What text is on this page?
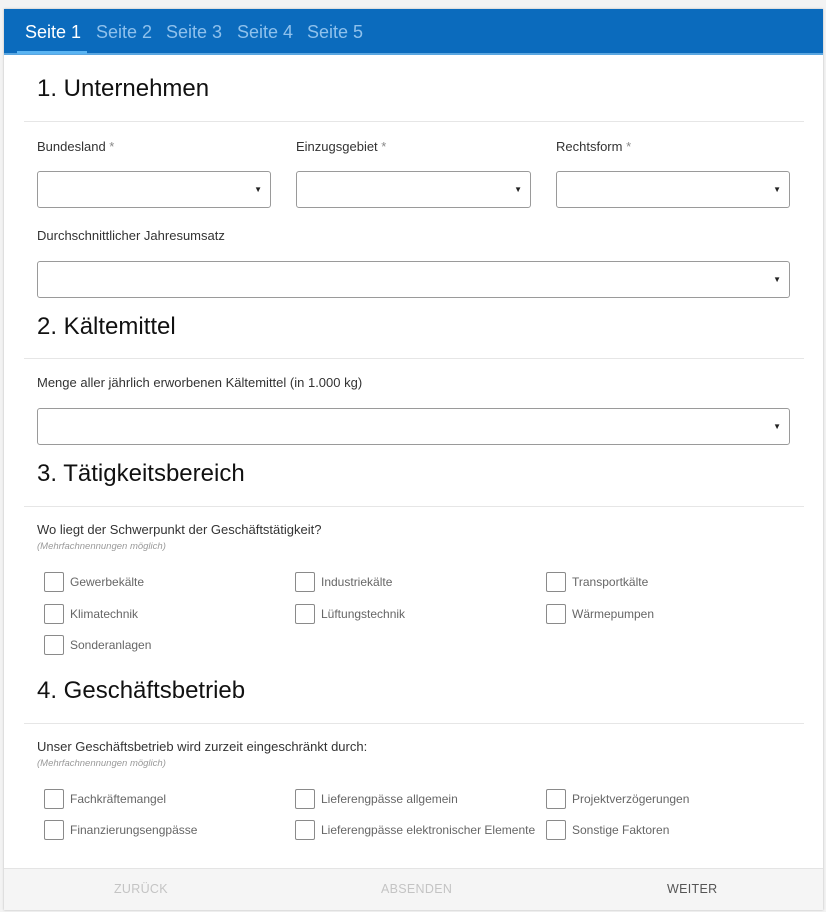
Seite 1 Seite 2 Seite 3 Seite 4 Seite 5
1. Unternehmen
Bundesland *	Einzugsgebiet *	Rechtsform *
▼	▼	▼
Durchschnittlicher Jahresumsatz
▼
2. Kältemittel
Menge aller jährlich erworbenen Kältemittel (in 1.000 kg)
▼
3. Tätigkeitsbereich
Wo liegt der Schwerpunkt der Geschäftstätigkeit?
(Mehrfachnennungen möglich)
Gewerbekälte	Industriekälte	Transportkälte
Klimatechnik	Lüftungstechnik	Wärmepumpen
Sonderanlagen
4. Geschäftsbetrieb
Unser Geschäftsbetrieb wird zurzeit eingeschränkt durch:
(Mehrfachnennungen möglich)
Fachkräftemangel	Lieferengpässe allgemein	Projektverzögerungen
Finanzierungsengpässe	Lieferengpässe elektronischer Elemente	Sonstige Faktoren
ZURÜCK	ABSENDEN	WEITER
